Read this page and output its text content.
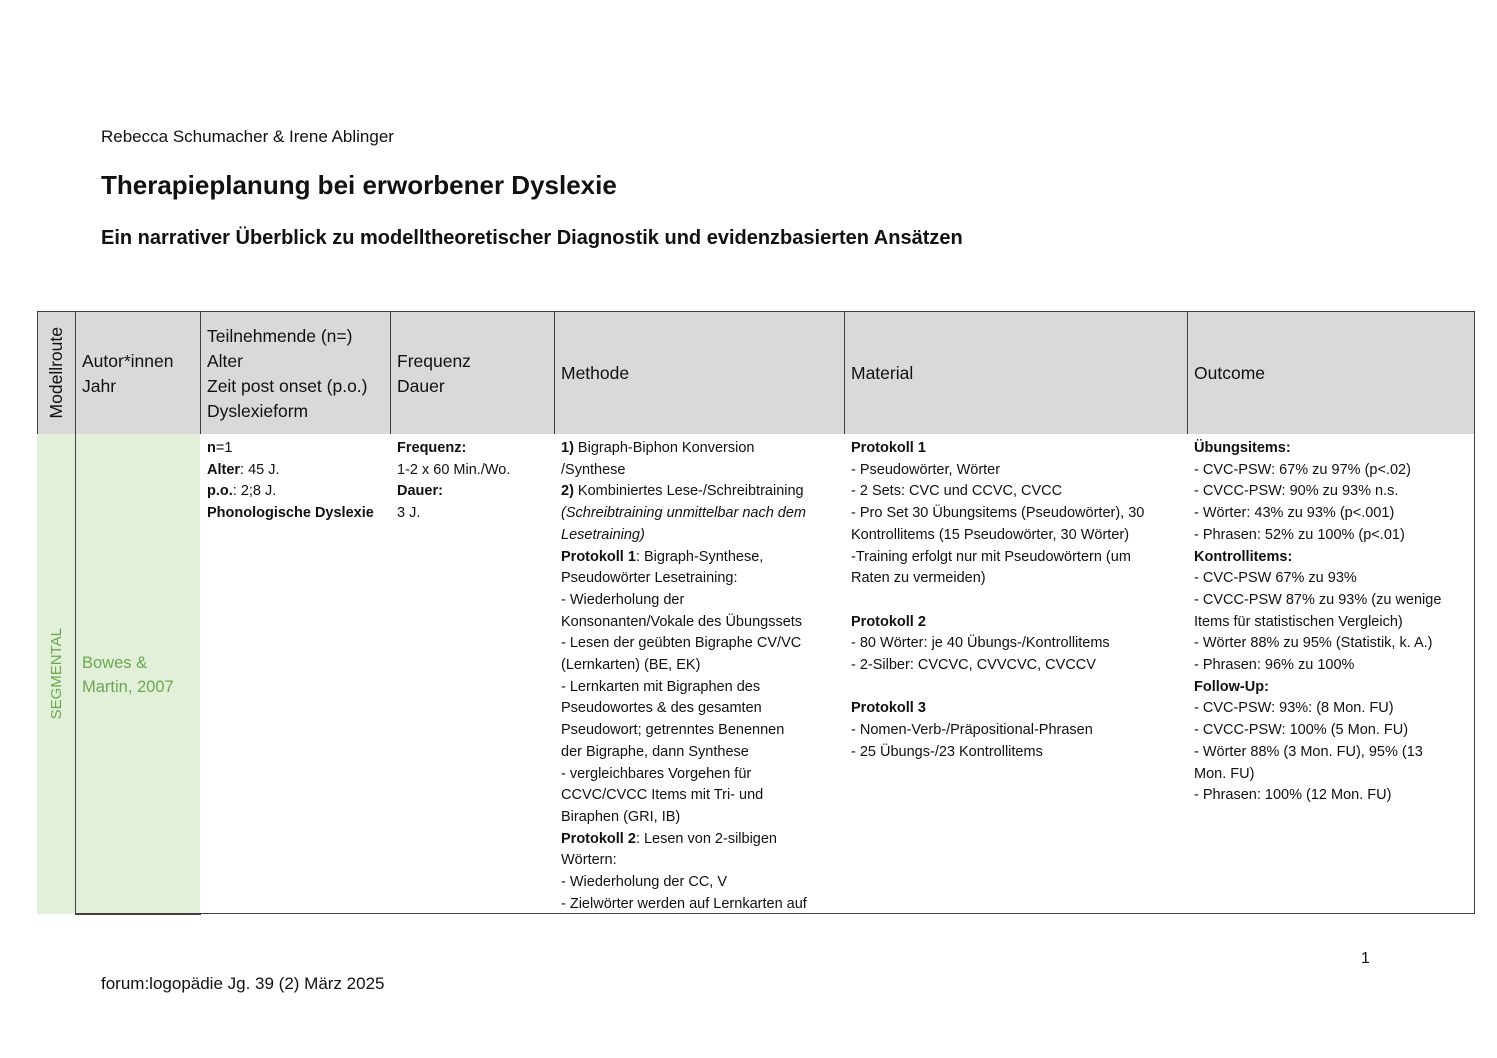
Rebecca Schumacher & Irene Ablinger
Therapieplanung bei erworbener Dyslexie
Ein narrativer Überblick zu modelltheoretischer Diagnostik und evidenzbasierten Ansätzen
Modellroute Autor*innen
Jahr
Teilnehmende (n=)
Alter
Zeit post onset (p.o.)
Dyslexieform
Frequenz
Dauer
Methode	Material	Outcome
SEGMENTAL Bowes &
Martin, 2007

n=1

Alter: 45 J.

p.o.: 2;8 J.

Phonologische Dyslexie

Frequenz:

1-2 x 60 Min./Wo.

Dauer:

3 J.

1) Bigraph-Biphon Konversion

/Synthese

2) Kombiniertes Lese-/Schreibtraining

(Schreibtraining unmittelbar nach dem

Lesetraining)

Protokoll 1: Bigraph-Synthese,

Pseudowörter Lesetraining:

- Wiederholung der

Konsonanten/Vokale des Übungssets

- Lesen der geübten Bigraphe CV/VC

(Lernkarten) (BE, EK)

- Lernkarten mit Bigraphen des

Pseudowortes & des gesamten

Pseudowort; getrenntes Benennen

der Bigraphe, dann Synthese

- vergleichbares Vorgehen für

CCVC/CVCC Items mit Tri- und

Biraphen (GRI, IB)

Protokoll 2: Lesen von 2-silbigen

Wörtern:

- Wiederholung der CC, V

- Zielwörter werden auf Lernkarten auf

Protokoll 1

- Pseudowörter, Wörter

- 2 Sets: CVC und CCVC, CVCC

- Pro Set 30 Übungsitems (Pseudowörter), 30

Kontrollitems (15 Pseudowörter, 30 Wörter)

-Training erfolgt nur mit Pseudowörtern (um

Raten zu vermeiden)

Protokoll 2

- 80 Wörter: je 40 Übungs-/Kontrollitems

- 2-Silber: CVCVC, CVVCVC, CVCCV

Protokoll 3

- Nomen-Verb-/Präpositional-Phrasen

- 25 Übungs-/23 Kontrollitems

Übungsitems:

- CVC-PSW: 67% zu 97% (p<.02)

- CVCC-PSW: 90% zu 93% n.s.

- Wörter: 43% zu 93% (p<.001)

- Phrasen: 52% zu 100% (p<.01)

Kontrollitems:

- CVC-PSW 67% zu 93%

- CVCC-PSW 87% zu 93% (zu wenige

Items für statistischen Vergleich)

- Wörter 88% zu 95% (Statistik, k. A.)

- Phrasen: 96% zu 100%

Follow-Up:

- CVC-PSW: 93%: (8 Mon. FU)

- CVCC-PSW: 100% (5 Mon. FU)

- Wörter 88% (3 Mon. FU), 95% (13

Mon. FU)

- Phrasen: 100% (12 Mon. FU)

1
forum:logopädie Jg. 39 (2) März 2025
